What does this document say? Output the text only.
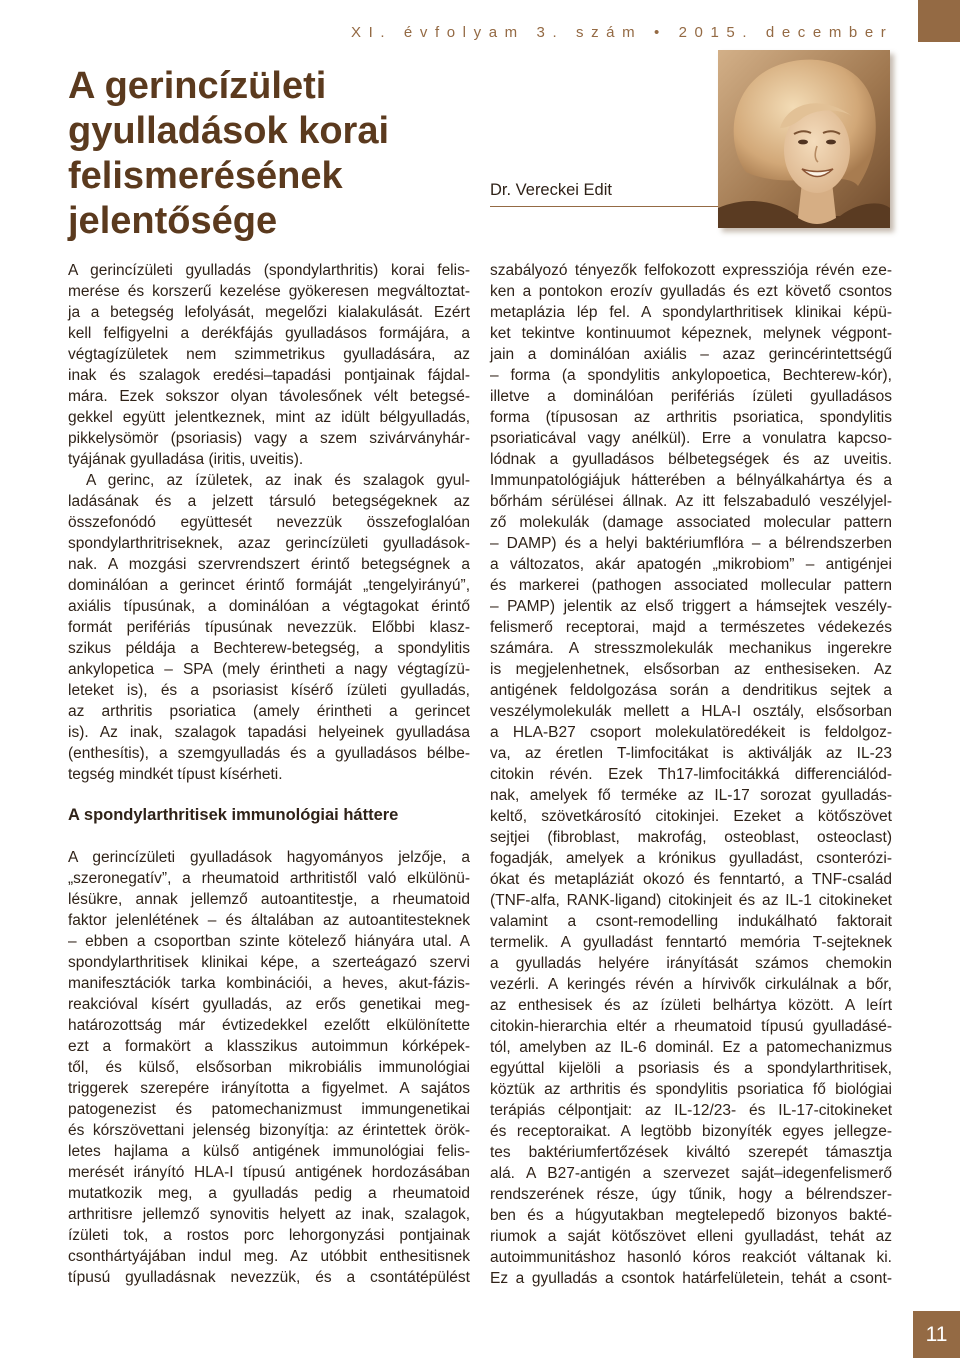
XI. évfolyam 3. szám • 2015. december
A gerincízületi
gyulladások korai
felismerésének
jelentősége
Dr. Vereckei Edit
A gerincízületi gyulladás (spondylarthritis) korai felis-
merése és korszerű kezelése gyökeresen megváltoztat-
ja a betegség lefolyását, megelőzi kialakulását. Ezért
kell felfigyelni a derékfájás gyulladásos formájára, a
végtagízületek nem szimmetrikus gyulladására, az
inak és szalagok eredési–tapadási pontjainak fájdal-
mára. Ezek sokszor olyan távolesőnek vélt betegsé-
gekkel együtt jelentkeznek, mint az idült bélgyulladás,
pikkelysömör (psoriasis) vagy a szem szivárványhár-
tyájának gyulladása (iritis, uveitis).
A gerinc, az ízületek, az inak és szalagok gyul-
ladásának és a jelzett társuló betegségeknek az
összefonódó együttesét nevezzük összefoglalóan
spondylarthritriseknek, azaz gerincízületi gyulladások-
nak. A mozgási szervrendszert érintő betegségnek a
dominálóan a gerincet érintő formáját „tengelyirányú”,
axiális típusúnak, a dominálóan a végtagokat érintő
formát perifériás típusúnak nevezzük. Előbbi klasz-
szikus példája a Bechterew-betegség, a spondylitis
ankylopetica – SPA (mely érintheti a nagy végtagízü-
leteket is), és a psoriasist kísérő ízületi gyulladás,
az arthritis psoriatica (amely érintheti a gerincet
is). Az inak, szalagok tapadási helyeinek gyulladása
(enthesítis), a szemgyulladás és a gyulladásos bélbe-
tegség mindkét típust kísérheti.
A spondylarthritisek immunológiai háttere
A gerincízületi gyulladások hagyományos jelzője, a
„szeronegatív”, a rheumatoid arthritistől való elkülönü-
lésükre, annak jellemző autoantitestje, a rheumatoid
faktor jelenlétének – és általában az autoantitesteknek
– ebben a csoportban szinte kötelező hiányára utal. A
spondylarthritisek klinikai képe, a szerteágazó szervi
manifesztációk tarka kombinációi, a heves, akut-fázis-
reakcióval kísért gyulladás, az erős genetikai meg-
határozottság már évtizedekkel ezelőtt elkülönítette
ezt a formakört a klasszikus autoimmun kórképek-
től, és külső, elsősorban mikrobiális immunológiai
triggerek szerepére irányította a figyelmet. A sajátos
patogenezist és patomechanizmust immungenetikai
és kórszövettani jelenség bizonyítja: az érintettek örök-
letes hajlama a külső antigének immunológiai felis-
merését irányító HLA-I típusú antigének hordozásában
mutatkozik meg, a gyulladás pedig a rheumatoid
arthritisre jellemző synovitis helyett az inak, szalagok,
ízületi tok, a rostos porc lehorgonyzási pontjainak
csonthártyájában indul meg. Az utóbbit enthesitisnek
típusú gyulladásnak nevezzük, és a csontátépülést
szabályozó tényezők felfokozott expressziója révén eze-
ken a pontokon erozív gyulladás és ezt követő csontos
metaplázia lép fel. A spondylarthritisek klinikai képü-
ket tekintve kontinuumot képeznek, melynek végpont-
jain a dominálóan axiális – azaz gerincérintettségű
– forma (a spondylitis ankylopoetica, Bechterew-kór),
illetve a dominálóan perifériás ízületi gyulladásos
forma (típusosan az arthritis psoriatica, spondylitis
psoriaticával vagy anélkül). Erre a vonulatra kapcso-
lódnak a gyulladásos bélbetegségek és az uveitis.
Immunpatológiájuk hátterében a bélnyálkahártya és a
bőrhám sérülései állnak. Az itt felszabaduló veszélyjel-
ző molekulák (damage associated molecular pattern
– DAMP) és a helyi baktériumflóra – a bélrendszerben
a változatos, akár apatogén „mikrobiom” – antigénjei
és markerei (pathogen associated mollecular pattern
– PAMP) jelentik az első triggert a hámsejtek veszély-
felismerő receptorai, majd a természetes védekezés
számára. A stresszmolekulák mechanikus ingerekre
is megjelenhetnek, elsősorban az enthesiseken. Az
antigének feldolgozása során a dendritikus sejtek a
veszélymolekulák mellett a HLA-I osztály, elsősorban
a HLA-B27 csoport molekulatöredékeit is feldolgoz-
va, az éretlen T-limfocitákat is aktiválják az IL-23
citokin révén. Ezek Th17-limfocitákká differenciálód-
nak, amelyek fő terméke az IL-17 sorozat gyulladás-
keltő, szövetkárosító citokinjei. Ezeket a kötőszövet
sejtjei (fibroblast, makrofág, osteoblast, osteoclast)
fogadják, amelyek a krónikus gyulladást, csonterózi-
ókat és metapláziát okozó és fenntartó, a TNF-család
(TNF-alfa, RANK-ligand) citokinjeit és az IL-1 citokineket
valamint a csont-remodelling indukálható faktorait
termelik. A gyulladást fenntartó memória T-sejteknek
a gyulladás helyére irányítását számos chemokin
vezérli. A keringés révén a hírvivők cirkulálnak a bőr,
az enthesisek és az ízületi belhártya között. A leírt
citokin-hierarchia eltér a rheumatoid típusú gyulladásé-
tól, amelyben az IL-6 dominál. Ez a patomechanizmus
egyúttal kijelöli a psoriasis és a spondylarthritisek,
köztük az arthritis és spondylitis psoriatica fő biológiai
terápiás célpontjait: az IL-12/23- és IL-17-citokineket
és receptoraikat. A legtöbb bizonyíték egyes jellegze-
tes baktériumfertőzések kiváltó szerepét támasztja
alá. A B27-antigén a szervezet saját–idegenfelismerő
rendszerének része, úgy tűnik, hogy a bélrendszer-
ben és a húgyutakban megtelepedő bizonyos bakté-
riumok a saját kötőszövet elleni gyulladást, tehát az
autoimmunitáshoz hasonló kóros reakciót váltanak ki.
Ez a gyulladás a csontok határfelületein, tehát a csont-
11
